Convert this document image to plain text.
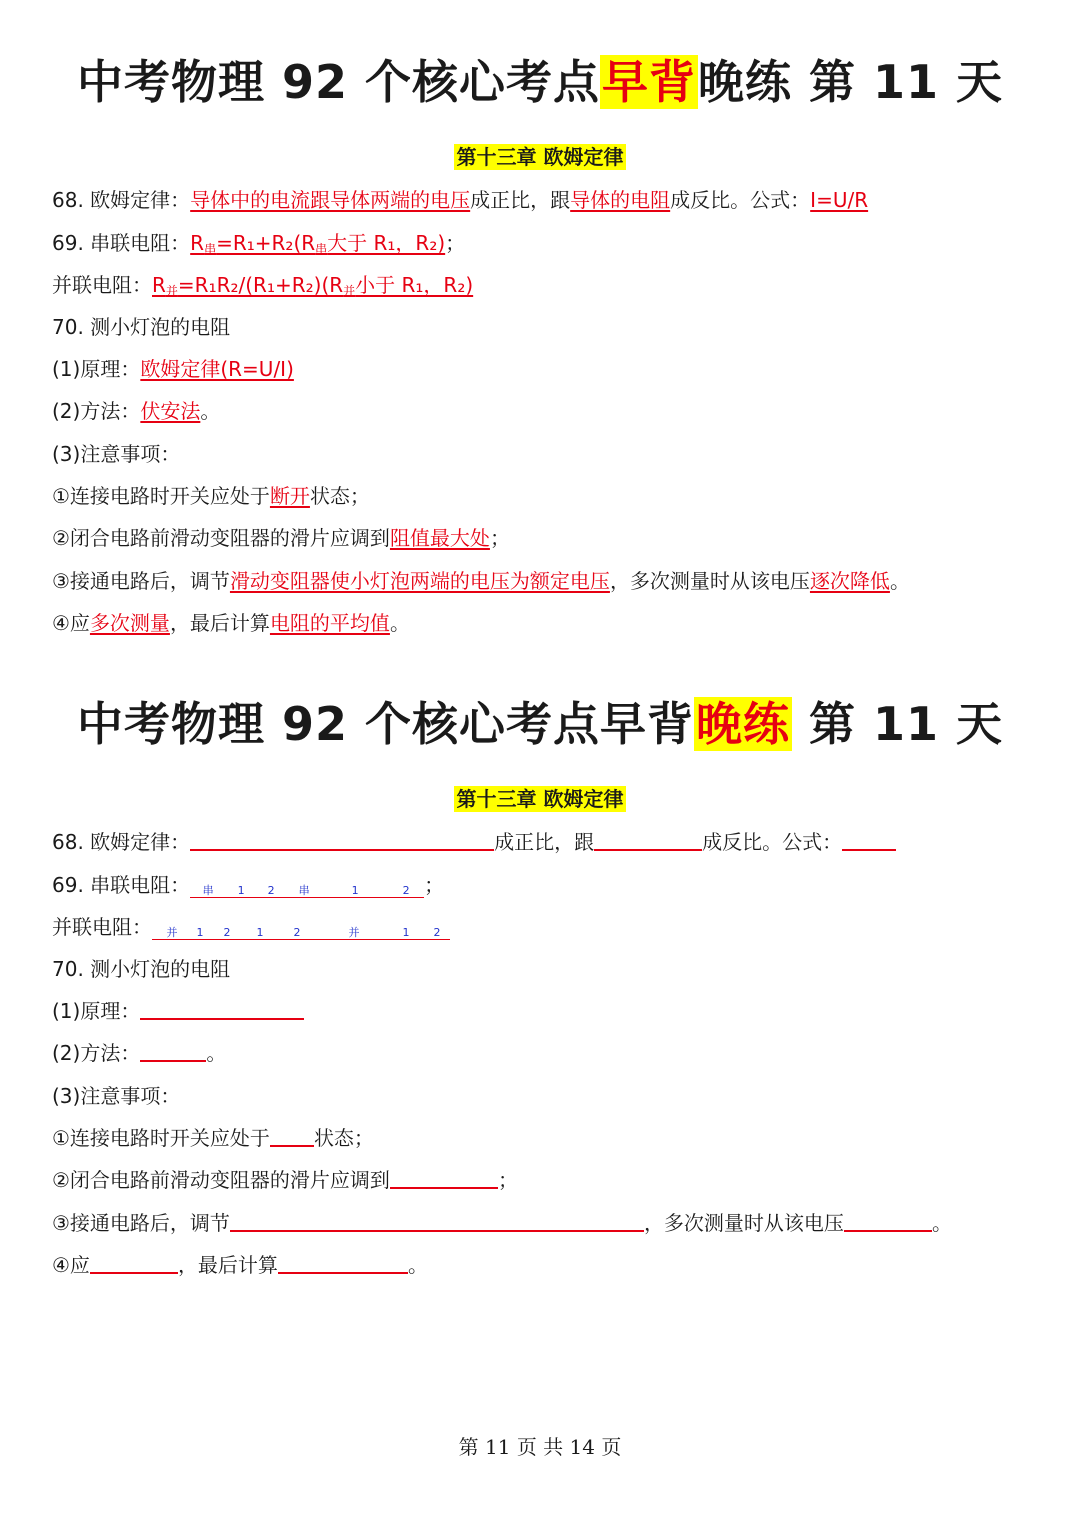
中考物理 92 个核心考点早背晚练 第 11 天
第十三章 欧姆定律
68. 欧姆定律：导体中的电流跟导体两端的电压成正比，跟导体的电阻成反比。公式：I=U/R
69. 串联电阻：$R_串=R_1+R_2(R_串$大于 R₁，R₂)；
并联电阻：$R_并=R_1R_2/(R_1+R_2)(R_并$小于 R₁，R₂)
70. 测小灯泡的电阻
(1)原理：欧姆定律(R=U/I)
(2)方法：伏安法。
(3)注意事项：
①连接电路时开关应处于断开状态；
②闭合电路前滑动变阻器的滑片应调到阻值最大处；
③接通电路后，调节滑动变阻器使小灯泡两端的电压为额定电压，多次测量时从该电压逐次降低。
④应多次测量，最后计算电阻的平均值。
中考物理 92 个核心考点早背晚练 第 11 天
第十三章 欧姆定律
68. 欧姆定律：	成正比，跟	成反比。公式：
69. 串联电阻： 串 1 2 串	1	2 ；
并联电阻： 并 1 2 1	2	并	1 2
70. 测小灯泡的电阻
(1)原理：
(2)方法：	。
(3)注意事项：
①连接电路时开关应处于 状态；
②闭合电路前滑动变阻器的滑片应调到	；
③接通电路后，调节	，多次测量时从该电压	。
④应	，最后计算	。
第 11 页 共 14 页
